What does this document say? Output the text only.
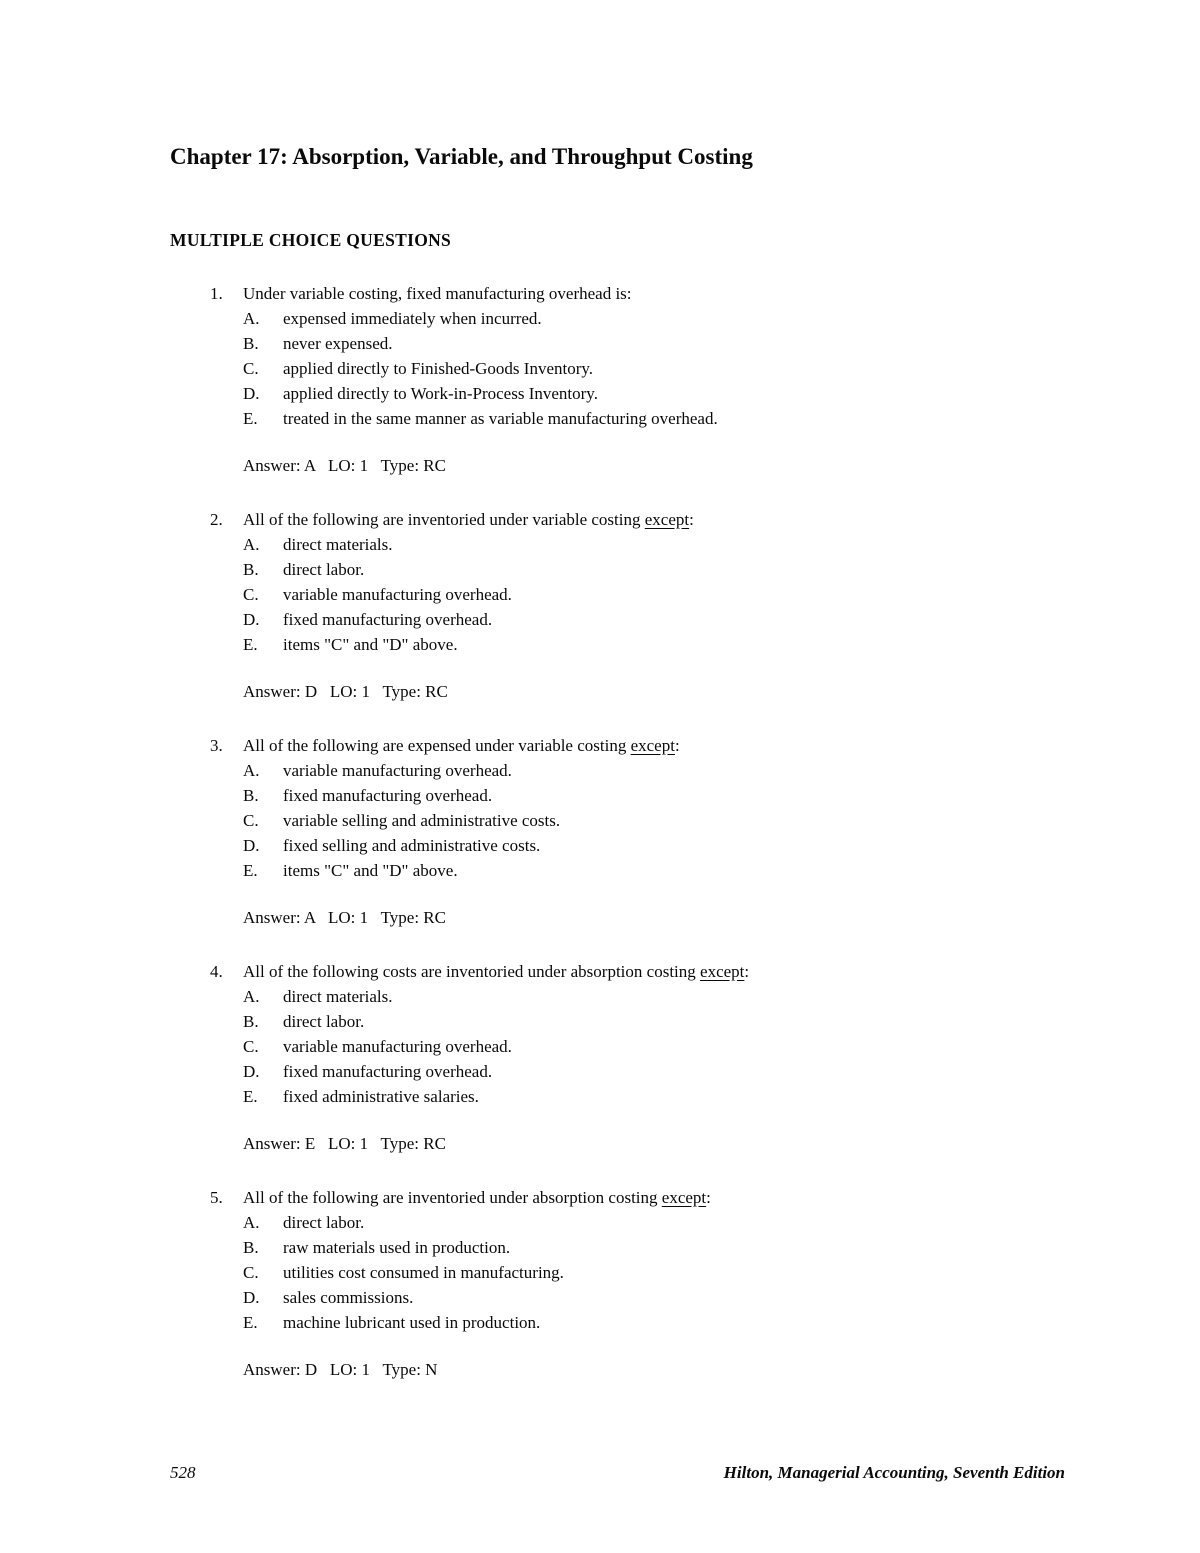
Chapter 17: Absorption, Variable, and Throughput Costing
MULTIPLE CHOICE QUESTIONS
1.	Under variable costing, fixed manufacturing overhead is:
A.	expensed immediately when incurred.
B.	never expensed.
C.	applied directly to Finished-Goods Inventory.
D.	applied directly to Work-in-Process Inventory.
E.	treated in the same manner as variable manufacturing overhead.
Answer: A   LO: 1   Type: RC
2.	All of the following are inventoried under variable costing except:
A.	direct materials.
B.	direct labor.
C.	variable manufacturing overhead.
D.	fixed manufacturing overhead.
E.	items "C" and "D" above.
Answer: D   LO: 1   Type: RC
3.	All of the following are expensed under variable costing except:
A.	variable manufacturing overhead.
B.	fixed manufacturing overhead.
C.	variable selling and administrative costs.
D.	fixed selling and administrative costs.
E.	items "C" and "D" above.
Answer: A   LO: 1   Type: RC
4.	All of the following costs are inventoried under absorption costing except:
A.	direct materials.
B.	direct labor.
C.	variable manufacturing overhead.
D.	fixed manufacturing overhead.
E.	fixed administrative salaries.
Answer: E   LO: 1   Type: RC
5.	All of the following are inventoried under absorption costing except:
A.	direct labor.
B.	raw materials used in production.
C.	utilities cost consumed in manufacturing.
D.	sales commissions.
E.	machine lubricant used in production.
Answer: D   LO: 1   Type: N
528	Hilton, Managerial Accounting, Seventh Edition
